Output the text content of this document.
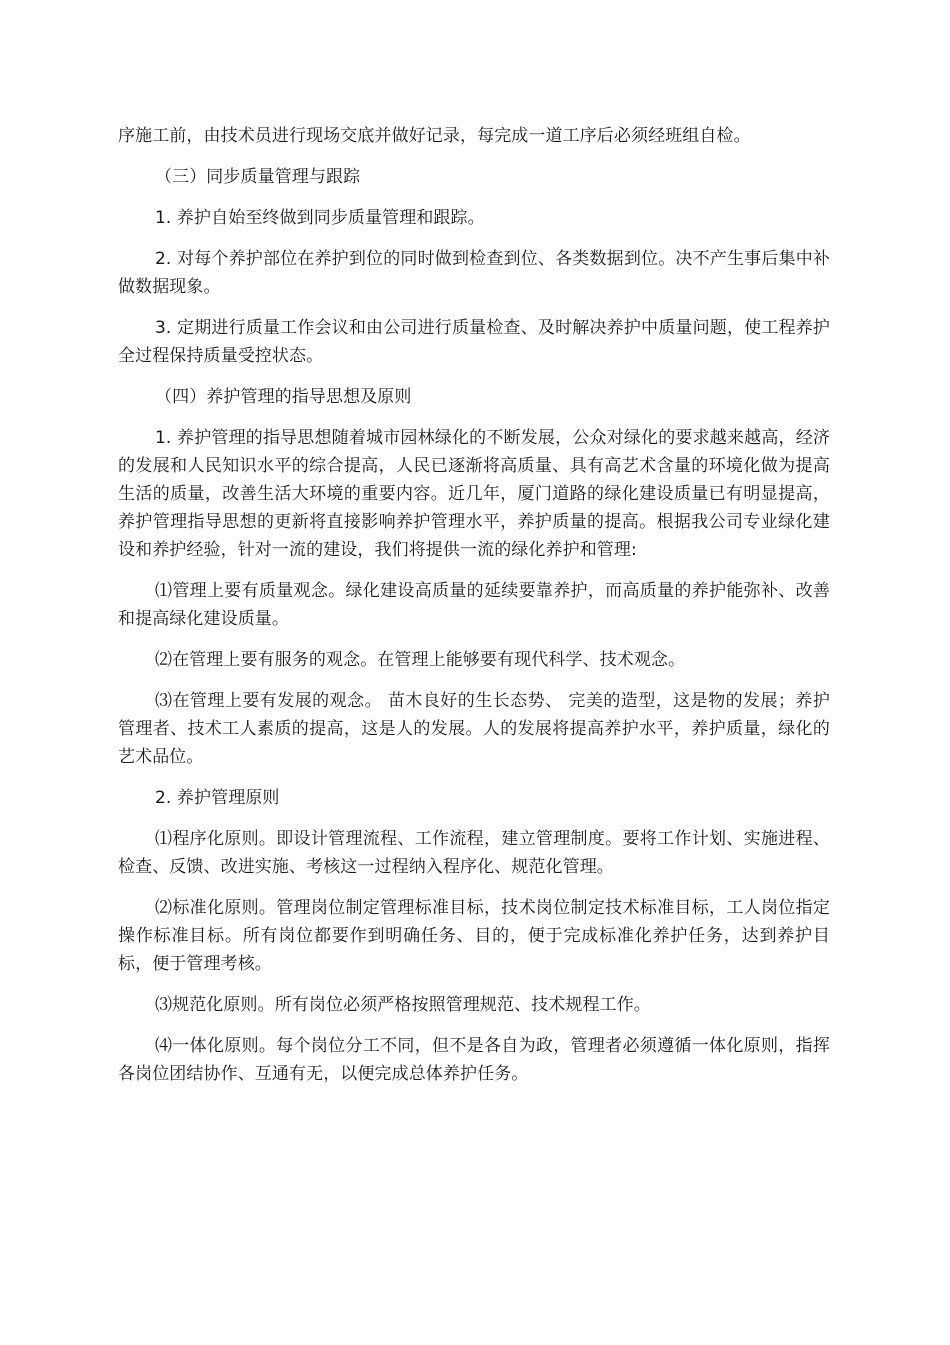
序施工前，由技术员进行现场交底并做好记录，每完成一道工序后必须经班组自检。

（三）同步质量管理与跟踪

1. 养护自始至终做到同步质量管理和跟踪。

2. 对每个养护部位在养护到位的同时做到检查到位、各类数据到位。决不产生事后集中补做数据现象。

3. 定期进行质量工作会议和由公司进行质量检查、及时解决养护中质量问题，使工程养护全过程保持质量受控状态。

（四）养护管理的指导思想及原则

1. 养护管理的指导思想随着城市园林绿化的不断发展，公众对绿化的要求越来越高，经济的发展和人民知识水平的综合提高，人民已逐渐将高质量、具有高艺术含量的环境化做为提高生活的质量，改善生活大环境的重要内容。近几年，厦门道路的绿化建设质量已有明显提高，养护管理指导思想的更新将直接影响养护管理水平，养护质量的提高。根据我公司专业绿化建设和养护经验，针对一流的建设，我们将提供一流的绿化养护和管理:

⑴管理上要有质量观念。绿化建设高质量的延续要靠养护，而高质量的养护能弥补、改善和提高绿化建设质量。

⑵在管理上要有服务的观念。在管理上能够要有现代科学、技术观念。

⑶在管理上要有发展的观念。 苗木良好的生长态势、 完美的造型，这是物的发展；养护管理者、技术工人素质的提高，这是人的发展。人的发展将提高养护水平，养护质量，绿化的艺术品位。

2. 养护管理原则

⑴程序化原则。即设计管理流程、工作流程，建立管理制度。要将工作计划、实施进程、检查、反馈、改进实施、考核这一过程纳入程序化、规范化管理。

⑵标准化原则。管理岗位制定管理标准目标，技术岗位制定技术标准目标，工人岗位指定操作标准目标。所有岗位都要作到明确任务、目的，便于完成标准化养护任务，达到养护目标，便于管理考核。

⑶规范化原则。所有岗位必须严格按照管理规范、技术规程工作。

⑷一体化原则。每个岗位分工不同，但不是各自为政，管理者必须遵循一体化原则，指挥各岗位团结协作、互通有无，以便完成总体养护任务。
